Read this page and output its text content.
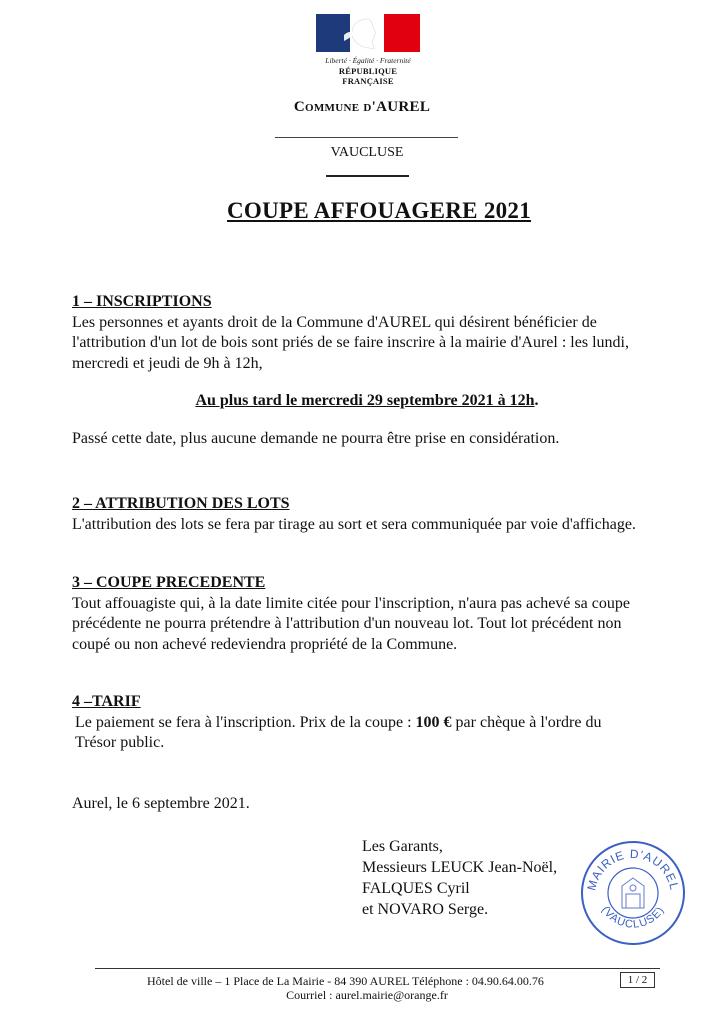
Liberté · Égalité · Fraternité
RÉPUBLIQUE FRANÇAISE
Commune d'AUREL
VAUCLUSE
COUPE AFFOUAGERE 2021
1 – INSCRIPTIONS

Les personnes et ayants droit de la Commune d'AUREL qui désirent bénéficier de

l'attribution d'un lot de bois sont priés de se faire inscrire à la mairie d'Aurel : les lundi,

mercredi et jeudi de 9h à 12h,

Au plus tard le mercredi 29 septembre 2021 à 12h.
Passé cette date, plus aucune demande ne pourra être prise en considération.
2 – ATTRIBUTION DES LOTS

L'attribution des lots se fera par tirage au sort et sera communiquée par voie d'affichage.

3 – COUPE PRECEDENTE

Tout affouagiste qui, à la date limite citée pour l'inscription, n'aura pas achevé sa coupe

précédente ne pourra prétendre à l'attribution d'un nouveau lot. Tout lot précédent non

coupé ou non achevé redeviendra propriété de la Commune.

4 –TARIF

Le paiement se fera à l'inscription. Prix de la coupe : 100 € par chèque à l'ordre du

Trésor public.

Aurel, le 6 septembre 2021.
Les Garants,
Messieurs LEUCK Jean-Noël,
FALQUES Cyril
et NOVARO Serge.
MAIRIE D'AUREL
(VAUCLUSE)
Hôtel de ville – 1 Place de La Mairie - 84 390 AUREL Téléphone : 04.90.64.00.76	1 / 2
Courriel : aurel.mairie@orange.fr
